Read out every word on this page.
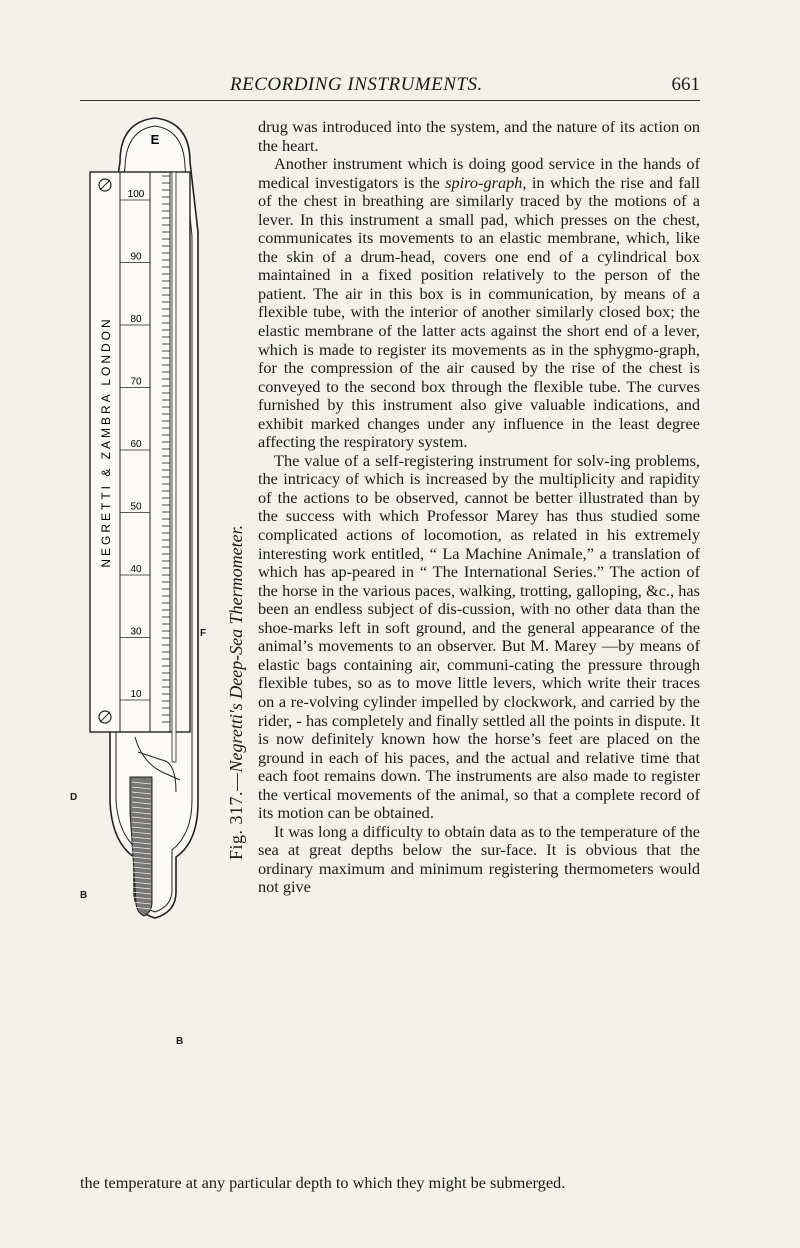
RECORDING INSTRUMENTS.	661
E
NEGRETTI & ZAMBRA LONDON
100
90
80
70
60
50
40
30
10
D
B
B
F
Fig. 317.—Negretti's Deep-Sea Thermometer.

drug was introduced into the system, and the nature of its action on the heart.

Another instrument which is doing good service in the hands of medical investigators is the spiro-graph, in which the rise and fall of the chest in breathing are similarly traced by the motions of a lever. In this instrument a small pad, which presses on the chest, communicates its movements to an elastic membrane, which, like the skin of a drum-head, covers one end of a cylindrical box maintained in a fixed position relatively to the person of the patient. The air in this box is in communication, by means of a flexible tube, with the interior of another similarly closed box; the elastic membrane of the latter acts against the short end of a lever, which is made to register its movements as in the sphygmo-graph, for the compression of the air caused by the rise of the chest is conveyed to the second box through the flexible tube. The curves furnished by this instrument also give valuable indications, and exhibit marked changes under any influence in the least degree affecting the respiratory system.

The value of a self-registering instrument for solv-ing problems, the intricacy of which is increased by the multiplicity and rapidity of the actions to be observed, cannot be better illustrated than by the success with which Professor Marey has thus studied some complicated actions of locomotion, as related in his extremely interesting work entitled, “ La Machine Animale,” a translation of which has ap-peared in “ The International Series.” The action of the horse in the various paces, walking, trotting, galloping, &c., has been an endless subject of dis-cussion, with no other data than the shoe-marks left in soft ground, and the general appearance of the animal’s movements to an observer. But M. Marey —by means of elastic bags containing air, communi-cating the pressure through flexible tubes, so as to move little levers, which write their traces on a re-volving cylinder impelled by clockwork, and carried by the rider, - has completely and finally settled all the points in dispute. It is now definitely known how the horse’s feet are placed on the ground in each of his paces, and the actual and relative time that each foot remains down. The instruments are also made to register the vertical movements of the animal, so that a complete record of its motion can be obtained.

It was long a difficulty to obtain data as to the temperature of the sea at great depths below the sur-face. It is obvious that the ordinary maximum and minimum registering thermometers would not give

the temperature at any particular depth to which they might be submerged.
